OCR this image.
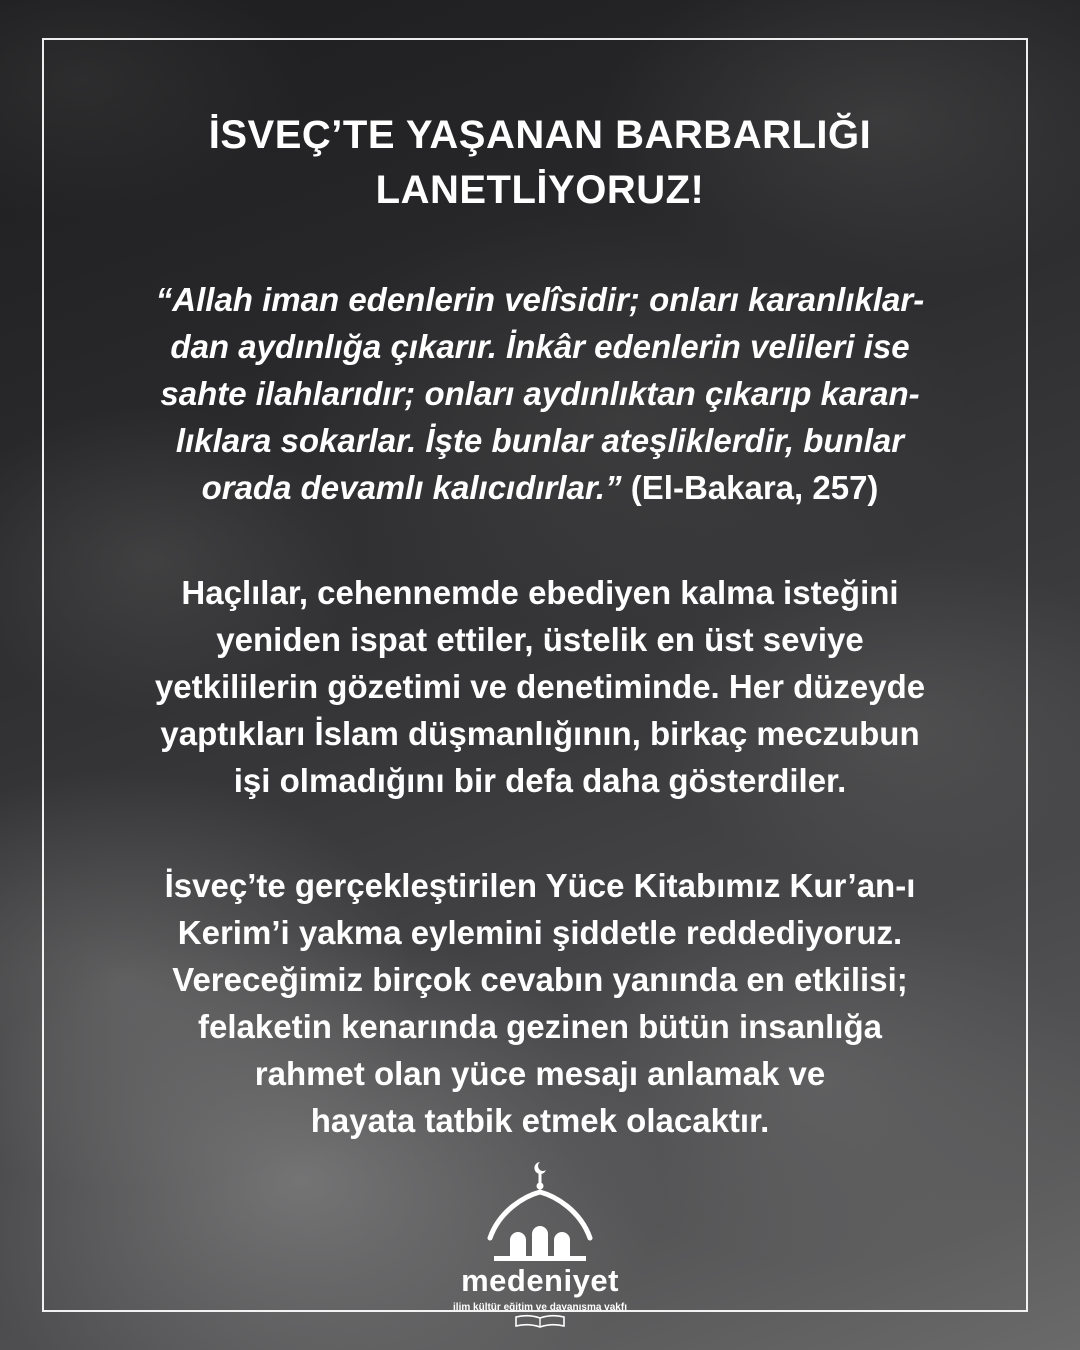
İSVEÇ’TE YAŞANAN BARBARLIĞI
LANETLİYORUZ!
“Allah iman edenlerin velîsidir; onları karanlıklar-
dan aydınlığa çıkarır. İnkâr edenlerin velileri ise
sahte ilahlarıdır; onları aydınlıktan çıkarıp karan-
lıklara sokarlar. İşte bunlar ateşliklerdir, bunlar
orada devamlı kalıcıdırlar.” (El-Bakara, 257)
Haçlılar, cehennemde ebediyen kalma isteğini
yeniden ispat ettiler, üstelik en üst seviye
yetkililerin gözetimi ve denetiminde. Her düzeyde
yaptıkları İslam düşmanlığının, birkaç meczubun
işi olmadığını bir defa daha gösterdiler.
İsveç’te gerçekleştirilen Yüce Kitabımız Kur’an-ı
Kerim’i yakma eylemini şiddetle reddediyoruz.
Vereceğimiz birçok cevabın yanında en etkilisi;
felaketin kenarında gezinen bütün insanlığa
rahmet olan yüce mesajı anlamak ve
hayata tatbik etmek olacaktır.
medeniyet
ilim kültür eğitim ve dayanışma vakfı
